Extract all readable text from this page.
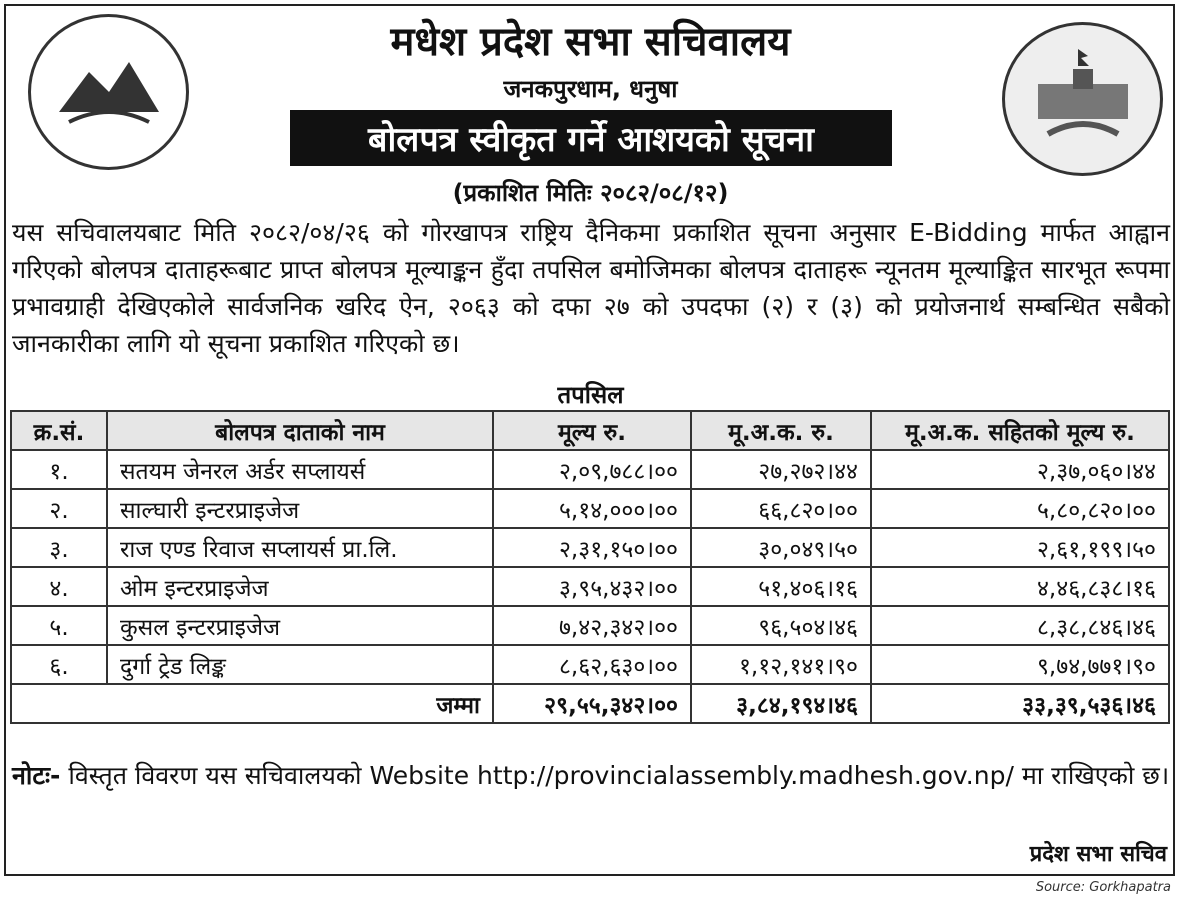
मधेश प्रदेश सभा सचिवालय
जनकपुरधाम, धनुषा
बोलपत्र स्वीकृत गर्ने आशयको सूचना
(प्रकाशित मितिः २०८२/०८/१२)
यस सचिवालयबाट मिति २०८२/०४/२६ को गोरखापत्र राष्ट्रिय दैनिकमा प्रकाशित सूचना अनुसार E-Bidding मार्फत आह्वान गरिएको बोलपत्र दाताहरूबाट प्राप्त बोलपत्र मूल्याङ्कन हुँदा तपसिल बमोजिमका बोलपत्र दाताहरू न्यूनतम मूल्याङ्कित सारभूत रूपमा प्रभावग्राही देखिएकोले सार्वजनिक खरिद ऐन, २०६३ को दफा २७ को उपदफा (२) र (३) को प्रयोजनार्थ सम्बन्धित सबैको जानकारीका लागि यो सूचना प्रकाशित गरिएको छ।
तपसिल
क्र.सं.	बोलपत्र दाताको नाम	मूल्य रु.	मू.अ.क. रु.	मू.अ.क. सहितको मूल्य रु.
१.	सतयम जेनरल अर्डर सप्लायर्स	२,०९,७८८।००	२७,२७२।४४	२,३७,०६०।४४
२.	साल्घारी इन्टरप्राइजेज	५,१४,०००।००	६६,८२०।००	५,८०,८२०।००
३.	राज एण्ड रिवाज सप्लायर्स प्रा.लि.	२,३१,१५०।००	३०,०४९।५०	२,६१,१९९।५०
४.	ओम इन्टरप्राइजेज	३,९५,४३२।००	५१,४०६।१६	४,४६,८३८।१६
५.	कुसल इन्टरप्राइजेज	७,४२,३४२।००	९६,५०४।४६	८,३८,८४६।४६
६.	दुर्गा ट्रेड लिङ्क	८,६२,६३०।००	१,१२,१४१।९०	९,७४,७७१।९०
जम्मा		२९,५५,३४२।००	३,८४,१९४।४६	३३,३९,५३६।४६
नोटः- विस्तृत विवरण यस सचिवालयको Website http://provincialassembly.madhesh.gov.np/ मा राखिएको छ।
प्रदेश सभा सचिव
Source: Gorkhapatra
